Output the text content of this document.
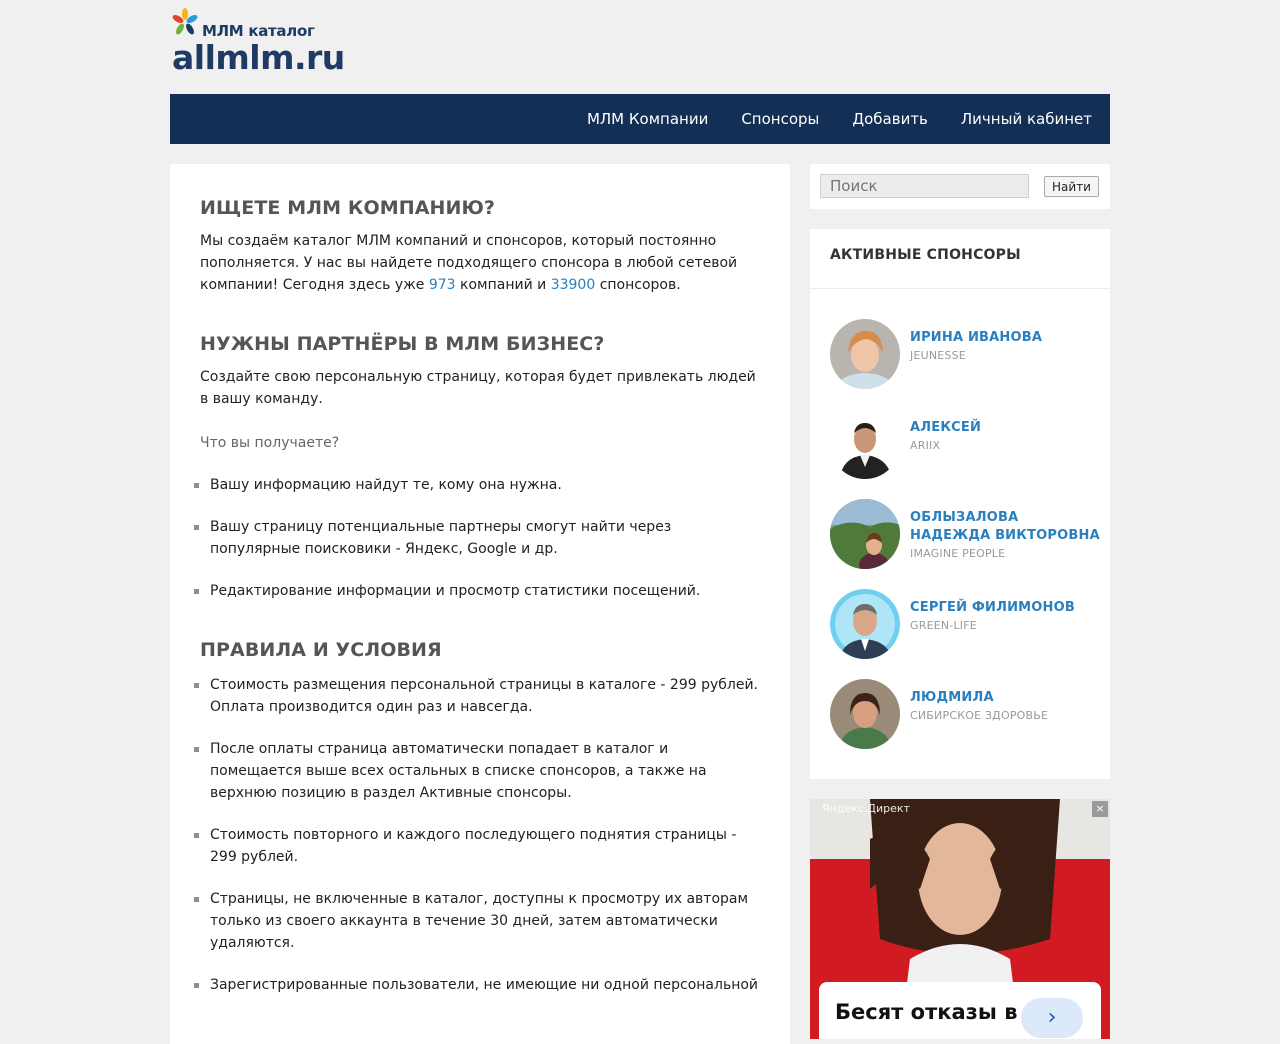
МЛМ каталог
allmlm.ru
МЛМ Компании Спонсоры Добавить Личный кабинет
ИЩЕТЕ МЛМ КОМПАНИЮ?

Мы создаём каталог МЛМ компаний и спонсоров, который постоянно пополняется. У нас вы найдете подходящего спонсора в любой сетевой компании! Сегодня здесь уже 973 компаний и 33900 спонсоров.

НУЖНЫ ПАРТНЁРЫ В МЛМ БИЗНЕС?

Создайте свою персональную страницу, которая будет привлекать людей в вашу команду.

Что вы получаете?

Вашу информацию найдут те, кому она нужна.
Вашу страницу потенциальные партнеры смогут найти через популярные поисковики - Яндекс, Google и др.
Редактирование информации и просмотр статистики посещений.
ПРАВИЛА И УСЛОВИЯ
Стоимость размещения персональной страницы в каталоге - 299 рублей. Оплата производится один раз и навсегда.
После оплаты страница автоматически попадает в каталог и помещается выше всех остальных в списке спонсоров, а также на верхнюю позицию в раздел Активные спонсоры.
Стоимость повторного и каждого последующего поднятия страницы - 299 рублей.
Страницы, не включенные в каталог, доступны к просмотру их авторам только из своего аккаунта в течение 30 дней, затем автоматически удаляются.
Зарегистрированные пользователи, не имеющие ни одной персональной
Поиск
Найти
АКТИВНЫЕ СПОНСОРЫ
ИРИНА ИВАНОВА
JEUNESSE
АЛЕКСЕЙ
ARIIX
ОБЛЫЗАЛОВА НАДЕЖДА ВИКТОРОВНА
IMAGINE PEOPLE
СЕРГЕЙ ФИЛИМОНОВ
GREEN-LIFE
ЛЮДМИЛА
СИБИРСКОЕ ЗДОРОВЬЕ
Яндекс.Директ	×
Бесят отказы в	›
